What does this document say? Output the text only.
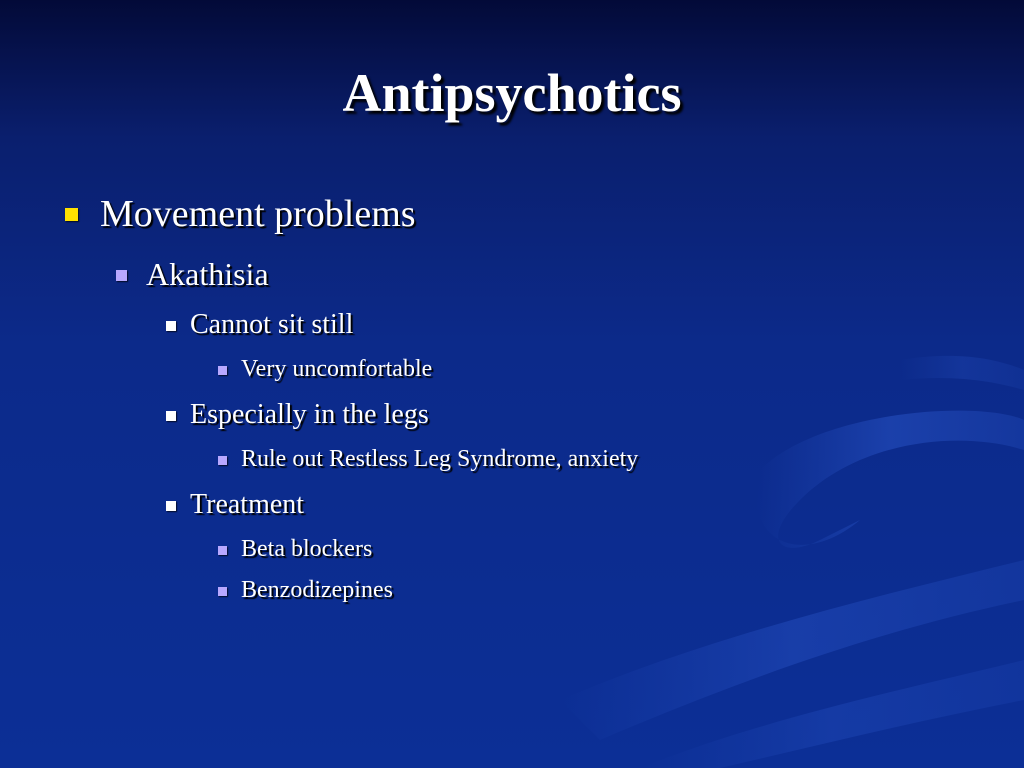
Antipsychotics
Movement problems
Akathisia
Cannot sit still
Very uncomfortable
Especially in the legs
Rule out Restless Leg Syndrome, anxiety
Treatment
Beta blockers
Benzodizepines
